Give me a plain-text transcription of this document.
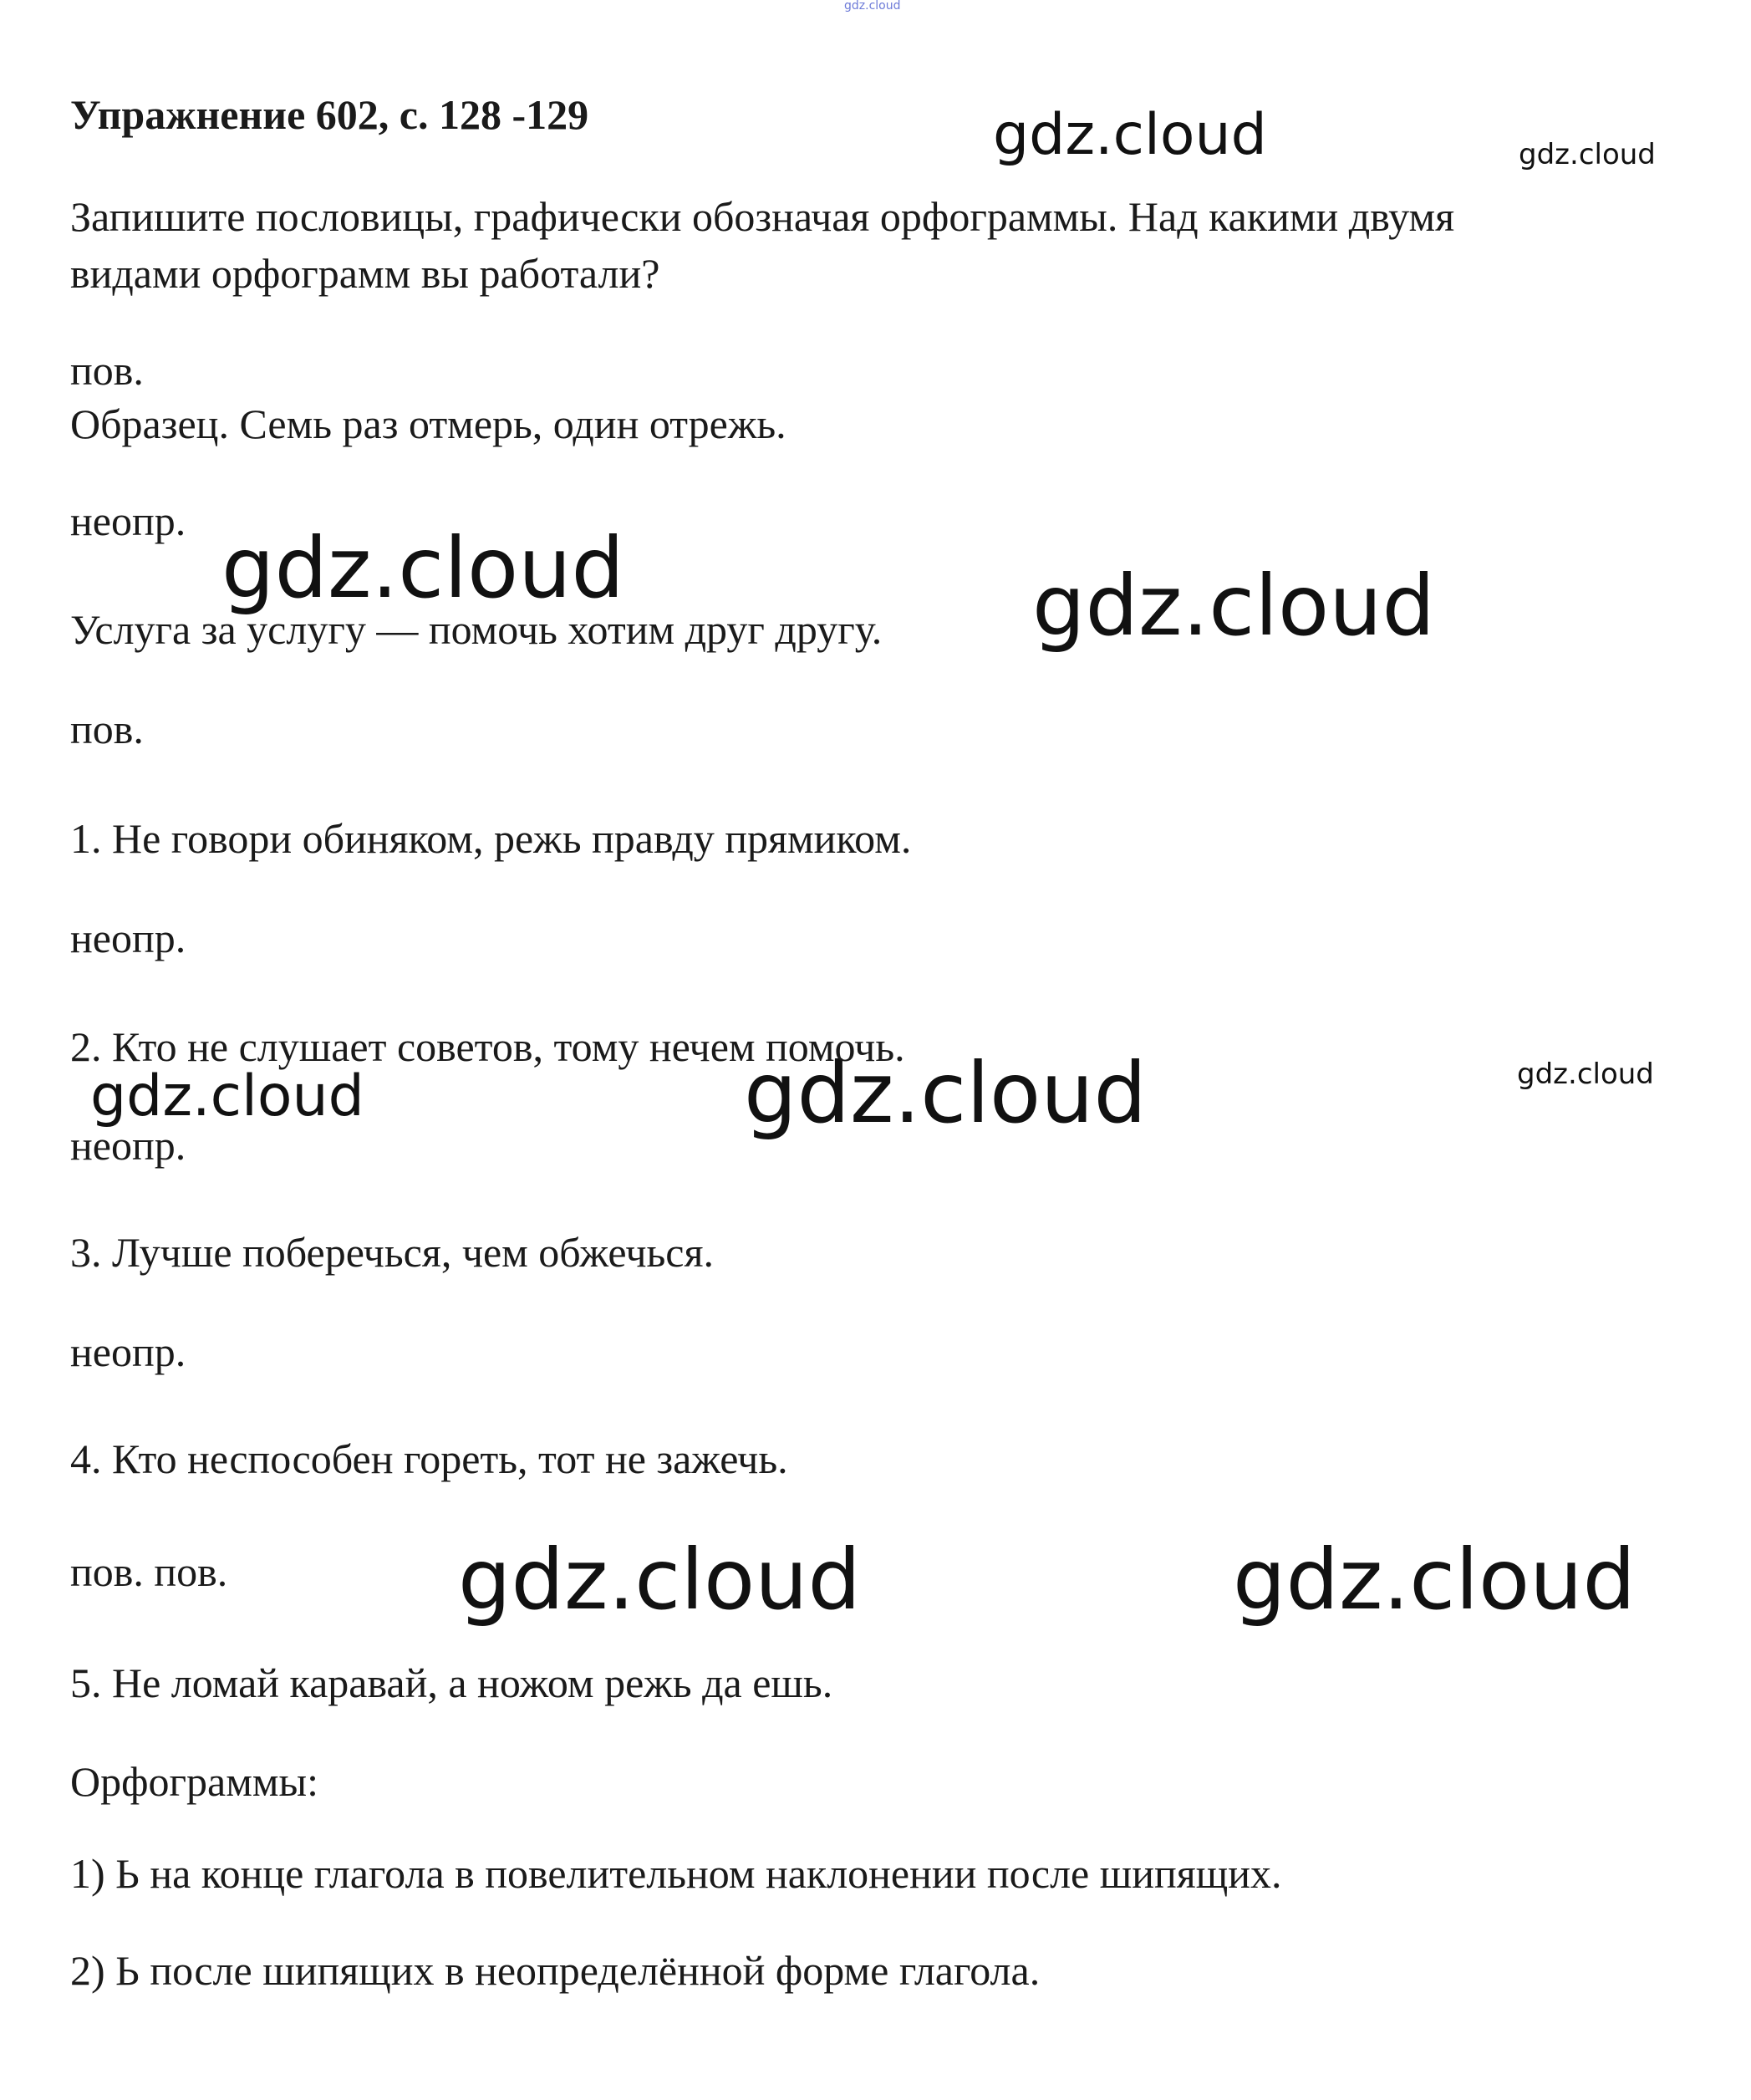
gdz.cloud
gdz.cloud	gdz.cloud
gdz.cloud	gdz.cloud
gdz.cloud	gdz.cloud	gdz.cloud
gdz.cloud	gdz.cloud
Упражнение 602, с. 128 -129
Запишите пословицы, графически обозначая орфограммы. Над какими двумя
видами орфограмм вы работали?
пов.
Образец. Семь раз отмерь, один отрежь.
неопр.
Услуга за услугу — помочь хотим друг другу.
пов.
1. Не говори обиняком, режь правду прямиком.
неопр.
2. Кто не слушает советов, тому нечем помочь.
неопр.
3. Лучше поберечься, чем обжечься.
неопр.
4. Кто неспособен гореть, тот не зажечь.
пов. пов.
5. Не ломай каравай, а ножом режь да ешь.
Орфограммы:
1) Ь на конце глагола в повелительном наклонении после шипящих.
2) Ь после шипящих в неопределённой форме глагола.
